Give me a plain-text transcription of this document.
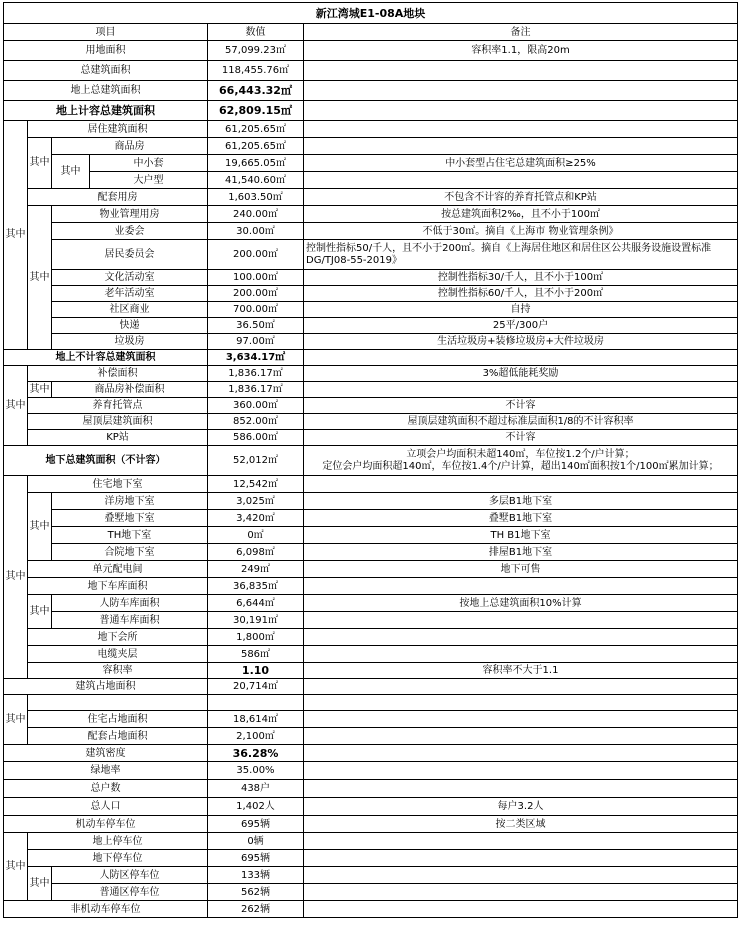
新江湾城E1-08A地块					
项目				数值	备注
用地面积				57,099.23㎡	容积率1.1，限高20m
总建筑面积				118,455.76㎡	
地上总建筑面积				66,443.32㎡	
地上计容总建筑面积				62,809.15㎡	
其中	居住建筑面积			61,205.65㎡	
	其中	商品房		61,205.65㎡	
		其中	中小套	19,665.05㎡	中小套型占住宅总建筑面积≥25%
			大户型	41,540.60㎡	
	配套用房			1,603.50㎡	不包含不计容的养育托管点和KP站
	其中	物业管理用房		240.00㎡	按总建筑面积2‰，且不小于100㎡
		业委会		30.00㎡	不低于30㎡。摘自《上海市 物业管理条例》
		居民委员会		200.00㎡	控制性指标50/千人，且不小于200㎡。摘自《上海居住地区和居住区公共服务设施设置标准DG/TJ08-55-2019》
		文化活动室		100.00㎡	控制性指标30/千人，且不小于100㎡
		老年活动室		200.00㎡	控制性指标60/千人，且不小于200㎡
		社区商业		700.00㎡	自持
		快递		36.50㎡	25平/300户
		垃圾房		97.00㎡	生活垃圾房+装修垃圾房+大件垃圾房
地上不计容总建筑面积				3,634.17㎡	
其中	补偿面积			1,836.17㎡	3%超低能耗奖励
	其中	商品房补偿面积		1,836.17㎡	
	养育托管点			360.00㎡	不计容
	屋顶层建筑面积			852.00㎡	屋顶层建筑面积不超过标准层面积1/8的不计容积率
	KP站			586.00㎡	不计容
地下总建筑面积（不计容）				52,012㎡	立项会户均面积未超140㎡，车位按1.2个/户计算；
定位会户均面积超140㎡，车位按1.4个/户计算，超出140㎡面积按1个/100㎡累加计算；
其中	住宅地下室			12,542㎡	
	其中	洋房地下室		3,025㎡	多层B1地下室
		叠墅地下室		3,420㎡	叠墅B1地下室
		TH地下室		0㎡	TH B1地下室
		合院地下室		6,098㎡	排屋B1地下室
	单元配电间			249㎡	地下可售
	地下车库面积			36,835㎡	
	其中	人防车库面积		6,644㎡	按地上总建筑面积10%计算
		普通车库面积		30,191㎡	
	地下会所			1,800㎡	
	电缆夹层			586㎡	
	容积率			1.10	容积率不大于1.1
建筑占地面积				20,714㎡	
其中					
	住宅占地面积			18,614㎡	
	配套占地面积			2,100㎡	
建筑密度				36.28%	
绿地率				35.00%	
总户数				438户	
总人口				1,402人	每户3.2人
机动车停车位				695辆	按二类区域
其中	地上停车位			0辆	
	地下停车位			695辆	
	其中	人防区停车位		133辆	
		普通区停车位		562辆	
非机动车停车位				262辆	
